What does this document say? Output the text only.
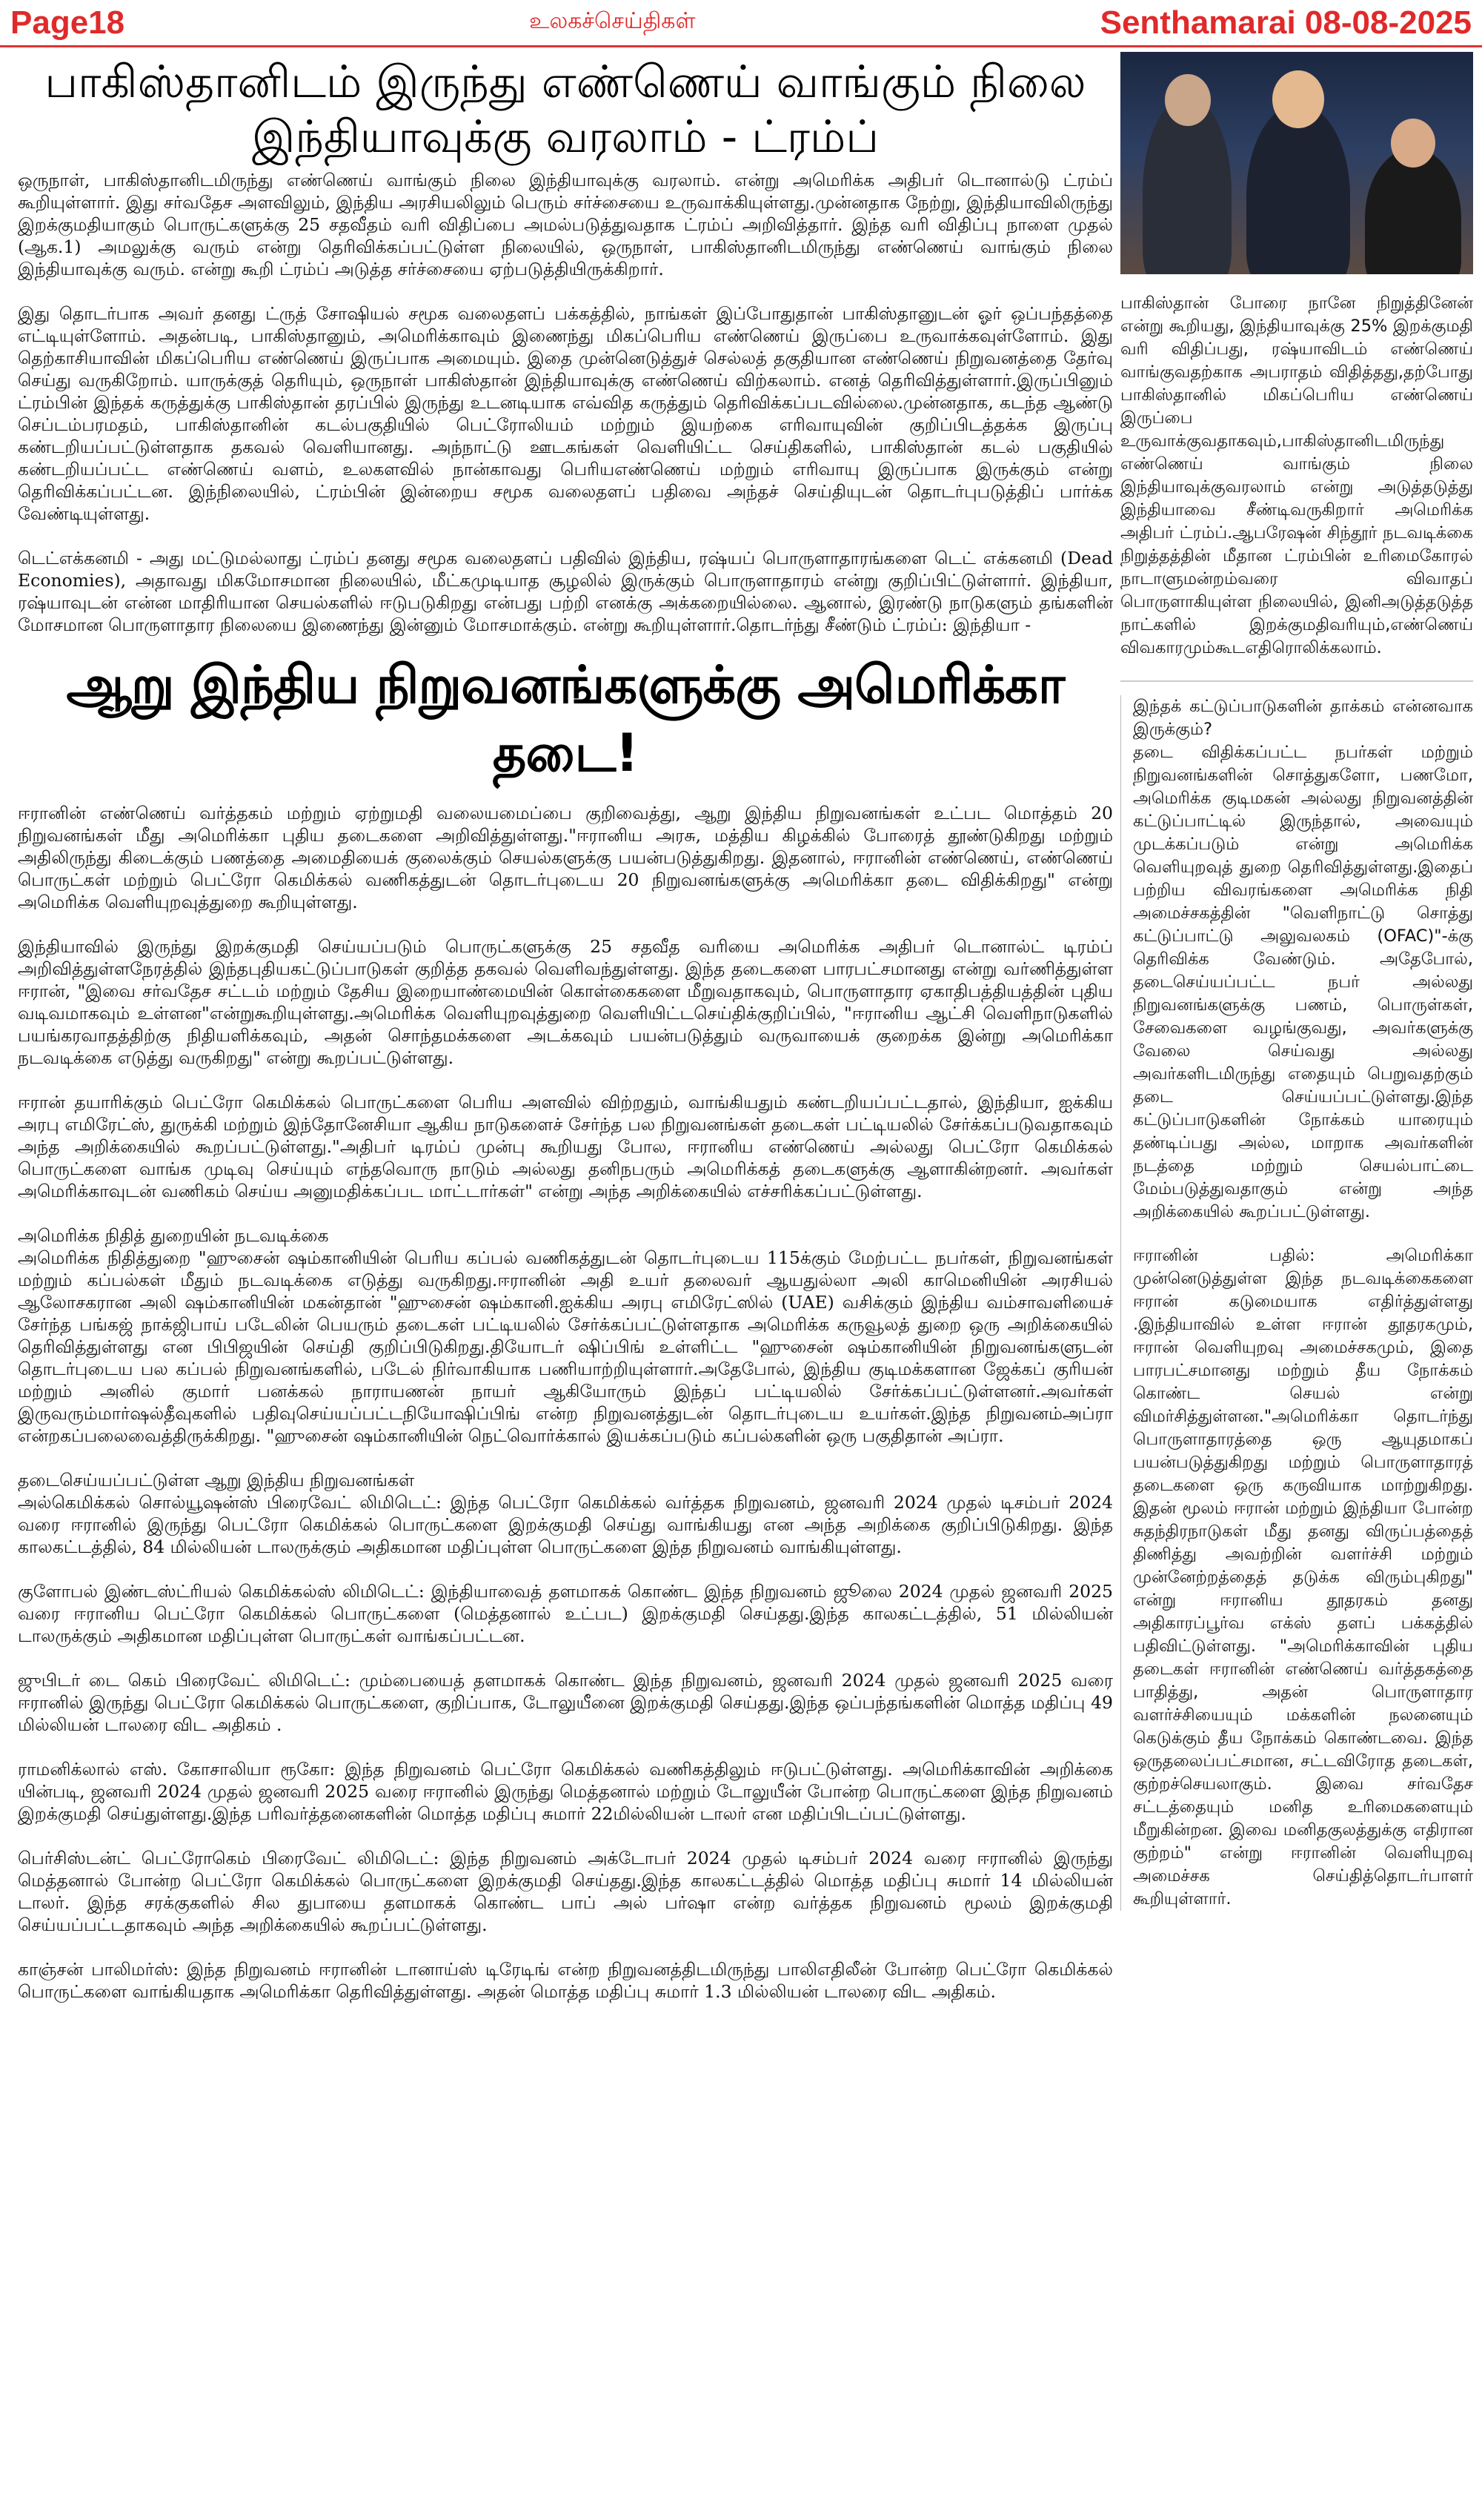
Page18	உலகச்செய்திகள்	Senthamarai 08-08-2025
பாகிஸ்தானிடம் இருந்து எண்ணெய் வாங்கும் நிலை இந்தியாவுக்கு வரலாம் - ட்ரம்ப்
ஒருநாள், பாகிஸ்தானிடமிருந்து எண்ணெய் வாங்கும் நிலை இந்தியாவுக்கு வரலாம். என்று அமெரிக்க அதிபர் டொனால்டு ட்ரம்ப் கூறியுள்ளார். இது சர்வதேச அளவிலும், இந்திய அரசியலிலும் பெரும் சர்ச்சையை உருவாக்கியுள்ளது.முன்னதாக நேற்று, இந்தியாவிலிருந்து இறக்குமதியாகும் பொருட்களுக்கு 25 சதவீதம் வரி விதிப்பை அமல்படுத்துவதாக ட்ரம்ப் அறிவித்தார். இந்த வரி விதிப்பு நாளை முதல் (ஆக.1) அமலுக்கு வரும் என்று தெரிவிக்கப்பட்டுள்ள நிலையில், ஒருநாள், பாகிஸ்தானிடமிருந்து எண்ணெய் வாங்கும் நிலை இந்தியாவுக்கு வரும். என்று கூறி ட்ரம்ப் அடுத்த சர்ச்சையை ஏற்படுத்தியிருக்கிறார்.
இது தொடர்பாக அவர் தனது ட்ருத் சோஷியல் சமூக வலைதளப் பக்கத்தில், நாங்கள் இப்போதுதான் பாகிஸ்தானுடன் ஓர் ஒப்பந்தத்தை எட்டியுள்ளோம். அதன்படி, பாகிஸ்தானும், அமெரிக்காவும் இணைந்து மிகப்பெரிய எண்ணெய் இருப்பை உருவாக்கவுள்ளோம். இது தெற்காசியாவின் மிகப்பெரிய எண்ணெய் இருப்பாக அமையும். இதை முன்னெடுத்துச் செல்லத் தகுதியான எண்ணெய் நிறுவனத்தை தேர்வு செய்து வருகிறோம். யாருக்குத் தெரியும், ஒருநாள் பாகிஸ்தான் இந்தியாவுக்கு எண்ணெய் விற்கலாம். எனத் தெரிவித்துள்ளார்.இருப்பினும் ட்ரம்பின் இந்தக் கருத்துக்கு பாகிஸ்தான் தரப்பில் இருந்து உடனடியாக எவ்வித கருத்தும் தெரிவிக்கப்படவில்லை.முன்னதாக, கடந்த ஆண்டு செப்டம்பரமதம், பாகிஸ்தானின் கடல்பகுதியில் பெட்ரோலியம் மற்றும் இயற்கை எரிவாயுவின் குறிப்பிடத்தக்க இருப்பு கண்டறியப்பட்டுள்ளதாக தகவல் வெளியானது. அந்நாட்டு ஊடகங்கள் வெளியிட்ட செய்திகளில், பாகிஸ்தான் கடல் பகுதியில் கண்டறியப்பட்ட எண்ணெய் வளம், உலகளவில் நான்காவது பெரியஎண்ணெய் மற்றும் எரிவாயு இருப்பாக இருக்கும் என்று தெரிவிக்கப்பட்டன. இந்நிலையில், ட்ரம்பின் இன்றைய சமூக வலைதளப் பதிவை அந்தச் செய்தியுடன் தொடர்புபடுத்திப் பார்க்க வேண்டியுள்ளது.
டெட்எக்கனமி - அது மட்டுமல்லாது ட்ரம்ப் தனது சமூக வலைதளப் பதிவில் இந்திய, ரஷ்யப் பொருளாதாரங்களை டெட் எக்கனமி (Dead Economies), அதாவது மிகமோசமான நிலையில், மீட்கமுடியாத சூழலில் இருக்கும் பொருளாதாரம் என்று குறிப்பிட்டுள்ளார். இந்தியா, ரஷ்யாவுடன் என்ன மாதிரியான செயல்களில் ஈடுபடுகிறது என்பது பற்றி எனக்கு அக்கறையில்லை. ஆனால், இரண்டு நாடுகளும் தங்களின் மோசமான பொருளாதார நிலையை இணைந்து இன்னும் மோசமாக்கும். என்று கூறியுள்ளார்.தொடர்ந்து சீண்டும் ட்ரம்ப்: இந்தியா -
ஆறு இந்திய நிறுவனங்களுக்கு அமெரிக்கா தடை!
ஈரானின் எண்ணெய் வர்த்தகம் மற்றும் ஏற்றுமதி வலையமைப்பை குறிவைத்து, ஆறு இந்திய நிறுவனங்கள் உட்பட மொத்தம் 20 நிறுவனங்கள் மீது அமெரிக்கா புதிய தடைகளை அறிவித்துள்ளது."ஈரானிய அரசு, மத்திய கிழக்கில் போரைத் தூண்டுகிறது மற்றும் அதிலிருந்து கிடைக்கும் பணத்தை அமைதியைக் குலைக்கும் செயல்களுக்கு பயன்படுத்துகிறது. இதனால், ஈரானின் எண்ணெய், எண்ணெய் பொருட்கள் மற்றும் பெட்ரோ கெமிக்கல் வணிகத்துடன் தொடர்புடைய 20 நிறுவனங்களுக்கு அமெரிக்கா தடை விதிக்கிறது" என்று அமெரிக்க வெளியுறவுத்துறை கூறியுள்ளது.
இந்தியாவில் இருந்து இறக்குமதி செய்யப்படும் பொருட்களுக்கு 25 சதவீத வரியை அமெரிக்க அதிபர் டொனால்ட் டிரம்ப் அறிவித்துள்ளநேரத்தில் இந்தபுதியகட்டுப்பாடுகள் குறித்த தகவல் வெளிவந்துள்ளது. இந்த தடைகளை பாரபட்சமானது என்று வர்ணித்துள்ள ஈரான், "இவை சர்வதேச சட்டம் மற்றும் தேசிய இறையாண்மையின் கொள்கைகளை மீறுவதாகவும், பொருளாதார ஏகாதிபத்தியத்தின் புதிய வடிவமாகவும் உள்ளன"என்றுகூறியுள்ளது.அமெரிக்க வெளியுறவுத்துறை வெளியிட்டசெய்திக்குறிப்பில், "ஈரானிய ஆட்சி வெளிநாடுகளில் பயங்கரவாதத்திற்கு நிதியளிக்கவும், அதன் சொந்தமக்களை அடக்கவும் பயன்படுத்தும் வருவாயைக் குறைக்க இன்று அமெரிக்கா நடவடிக்கை எடுத்து வருகிறது" என்று கூறப்பட்டுள்ளது.
ஈரான் தயாரிக்கும் பெட்ரோ கெமிக்கல் பொருட்களை பெரிய அளவில் விற்றதும், வாங்கியதும் கண்டறியப்பட்டதால், இந்தியா, ஐக்கிய அரபு எமிரேட்ஸ், துருக்கி மற்றும் இந்தோனேசியா ஆகிய நாடுகளைச் சேர்ந்த பல நிறுவனங்கள் தடைகள் பட்டியலில் சேர்க்கப்படுவதாகவும் அந்த அறிக்கையில் கூறப்பட்டுள்ளது."அதிபர் டிரம்ப் முன்பு கூறியது போல, ஈரானிய எண்ணெய் அல்லது பெட்ரோ கெமிக்கல் பொருட்களை வாங்க முடிவு செய்யும் எந்தவொரு நாடும் அல்லது தனிநபரும் அமெரிக்கத் தடைகளுக்கு ஆளாகின்றனர். அவர்கள் அமெரிக்காவுடன் வணிகம் செய்ய அனுமதிக்கப்பட மாட்டார்கள்" என்று அந்த அறிக்கையில் எச்சரிக்கப்பட்டுள்ளது.
அமெரிக்க நிதித் துறையின் நடவடிக்கை
அமெரிக்க நிதித்துறை "ஹுசைன் ஷம்கானியின் பெரிய கப்பல் வணிகத்துடன் தொடர்புடைய 115க்கும் மேற்பட்ட நபர்கள், நிறுவனங்கள் மற்றும் கப்பல்கள் மீதும் நடவடிக்கை எடுத்து வருகிறது.ஈரானின் அதி உயர் தலைவர் ஆயதுல்லா அலி காமெனியின் அரசியல் ஆலோசகரான அலி ஷம்கானியின் மகன்தான் "ஹுசைன் ஷம்கானி.ஐக்கிய அரபு எமிரேட்ஸில் (UAE) வசிக்கும் இந்திய வம்சாவளியைச் சேர்ந்த பங்கஜ் நாக்ஜிபாய் படேலின் பெயரும் தடைகள் பட்டியலில் சேர்க்கப்பட்டுள்ளதாக அமெரிக்க கருவூலத் துறை ஒரு அறிக்கையில் தெரிவித்துள்ளது என பிபிஜயின் செய்தி குறிப்பிடுகிறது.தியோடர் ஷிப்பிங் உள்ளிட்ட "ஹுசைன் ஷம்கானியின் நிறுவனங்களுடன் தொடர்புடைய பல கப்பல் நிறுவனங்களில், படேல் நிர்வாகியாக பணியாற்றியுள்ளார்.அதேபோல், இந்திய குடிமக்களான ஜேக்கப் குரியன் மற்றும் அனில் குமார் பனக்கல் நாராயணன் நாயர் ஆகியோரும் இந்தப் பட்டியலில் சேர்க்கப்பட்டுள்ளனர்.அவர்கள் இருவரும்மார்ஷல்தீவுகளில் பதிவுசெய்யப்பட்டநியோஷிப்பிங் என்ற நிறுவனத்துடன் தொடர்புடைய உயர்கள்.இந்த நிறுவனம்அப்ரா என்றகப்பலைவைத்திருக்கிறது. "ஹுசைன் ஷம்கானியின் நெட்வொர்க்கால் இயக்கப்படும் கப்பல்களின் ஒரு பகுதிதான் அப்ரா.
தடைசெய்யப்பட்டுள்ள ஆறு இந்திய நிறுவனங்கள்
அல்கெமிக்கல் சொல்யூஷன்ஸ் பிரைவேட் லிமிடெட்: இந்த பெட்ரோ கெமிக்கல் வர்த்தக நிறுவனம், ஜனவரி 2024 முதல் டிசம்பர் 2024 வரை ஈரானில் இருந்து பெட்ரோ கெமிக்கல் பொருட்களை இறக்குமதி செய்து வாங்கியது என அந்த அறிக்கை குறிப்பிடுகிறது. இந்த காலகட்டத்தில், 84 மில்லியன் டாலருக்கும் அதிகமான மதிப்புள்ள பொருட்களை இந்த நிறுவனம் வாங்கியுள்ளது.
குளோபல் இண்டஸ்ட்ரியல் கெமிக்கல்ஸ் லிமிடெட்: இந்தியாவைத் தளமாகக் கொண்ட இந்த நிறுவனம் ஜூலை 2024 முதல் ஜனவரி 2025 வரை ஈரானிய பெட்ரோ கெமிக்கல் பொருட்களை (மெத்தனால் உட்பட) இறக்குமதி செய்தது.இந்த காலகட்டத்தில், 51 மில்லியன் டாலருக்கும் அதிகமான மதிப்புள்ள பொருட்கள் வாங்கப்பட்டன.
ஜுபிடர் டை கெம் பிரைவேட் லிமிடெட்: மும்பையைத் தளமாகக் கொண்ட இந்த நிறுவனம், ஜனவரி 2024 முதல் ஜனவரி 2025 வரை ஈரானில் இருந்து பெட்ரோ கெமிக்கல் பொருட்களை, குறிப்பாக, டோலுயீனை இறக்குமதி செய்தது.இந்த ஒப்பந்தங்களின் மொத்த மதிப்பு 49 மில்லியன் டாலரை விட அதிகம் .
ராமனிக்லால் எஸ். கோசாலியா ரூகோ: இந்த நிறுவனம் பெட்ரோ கெமிக்கல் வணிகத்திலும் ஈடுபட்டுள்ளது. அமெரிக்காவின் அறிக்கை யின்படி, ஜனவரி 2024 முதல் ஜனவரி 2025 வரை ஈரானில் இருந்து மெத்தனால் மற்றும் டோலுயீன் போன்ற பொருட்களை இந்த நிறுவனம் இறக்குமதி செய்துள்ளது.இந்த பரிவர்த்தனைகளின் மொத்த மதிப்பு சுமார் 22மில்லியன் டாலர் என மதிப்பிடப்பட்டுள்ளது.
பெர்சிஸ்டன்ட் பெட்ரோகெம் பிரைவேட் லிமிடெட்: இந்த நிறுவனம் அக்டோபர் 2024 முதல் டிசம்பர் 2024 வரை ஈரானில் இருந்து மெத்தனால் போன்ற பெட்ரோ கெமிக்கல் பொருட்களை இறக்குமதி செய்தது.இந்த காலகட்டத்தில் மொத்த மதிப்பு சுமார் 14 மில்லியன் டாலர். இந்த சரக்குகளில் சில துபாயை தளமாகக் கொண்ட பாப் அல் பர்ஷா என்ற வர்த்தக நிறுவனம் மூலம் இறக்குமதி செய்யப்பட்டதாகவும் அந்த அறிக்கையில் கூறப்பட்டுள்ளது.
காஞ்சன் பாலிமர்ஸ்: இந்த நிறுவனம் ஈரானின் டானாய்ஸ் டிரேடிங் என்ற நிறுவனத்திடமிருந்து பாலிஎதிலீன் போன்ற பெட்ரோ கெமிக்கல் பொருட்களை வாங்கியதாக அமெரிக்கா தெரிவித்துள்ளது. அதன் மொத்த மதிப்பு சுமார் 1.3 மில்லியன் டாலரை விட அதிகம்.
பாகிஸ்தான் போரை நானே நிறுத்தினேன் என்று கூறியது, இந்தியாவுக்கு 25% இறக்குமதி வரி விதிப்பது, ரஷ்யாவிடம் எண்ணெய் வாங்குவதற்காக அபராதம் விதித்தது,தற்போது பாகிஸ்தானில் மிகப்பெரிய எண்ணெய் இருப்பை உருவாக்குவதாகவும்,பாகிஸ்தானிடமிருந்து எண்ணெய் வாங்கும் நிலை இந்தியாவுக்குவரலாம் என்று அடுத்தடுத்து இந்தியாவை சீண்டிவருகிறார் அமெரிக்க அதிபர் ட்ரம்ப்.ஆபரேஷன் சிந்தூர் நடவடிக்கை நிறுத்தத்தின் மீதான ட்ரம்பின் உரிமைகோரல் நாடாளுமன்றம்வரை விவாதப் பொருளாகியுள்ள நிலையில், இனிஅடுத்தடுத்த நாட்களில் இறக்குமதிவரியும்,எண்ணெய் விவகாரமும்கூடஎதிரொலிக்கலாம்.
இந்தக் கட்டுப்பாடுகளின் தாக்கம் என்னவாக இருக்கும்?
தடை விதிக்கப்பட்ட நபர்கள் மற்றும் நிறுவனங்களின் சொத்துகளோ, பணமோ, அமெரிக்க குடிமகன் அல்லது நிறுவனத்தின் கட்டுப்பாட்டில் இருந்தால், அவையும் முடக்கப்படும் என்று அமெரிக்க வெளியுறவுத் துறை தெரிவித்துள்ளது.இதைப் பற்றிய விவரங்களை அமெரிக்க நிதி அமைச்சகத்தின் "வெளிநாட்டு சொத்து கட்டுப்பாட்டு அலுவலகம் (OFAC)"-க்கு தெரிவிக்க வேண்டும். அதேபோல், தடைசெய்யப்பட்ட நபர் அல்லது நிறுவனங்களுக்கு பணம், பொருள்கள், சேவைகளை வழங்குவது, அவர்களுக்கு வேலை செய்வது அல்லது அவர்களிடமிருந்து எதையும் பெறுவதற்கும் தடை செய்யப்பட்டுள்ளது.இந்த கட்டுப்பாடுகளின் நோக்கம் யாரையும் தண்டிப்பது அல்ல, மாறாக அவர்களின் நடத்தை மற்றும் செயல்பாட்டை மேம்படுத்துவதாகும் என்று அந்த அறிக்கையில் கூறப்பட்டுள்ளது.
ஈரானின் பதில்: அமெரிக்கா முன்னெடுத்துள்ள இந்த நடவடிக்கைகளை ஈரான் கடுமையாக எதிர்த்துள்ளது .இந்தியாவில் உள்ள ஈரான் தூதரகமும், ஈரான் வெளியுறவு அமைச்சகமும், இதை பாரபட்சமானது மற்றும் தீய நோக்கம் கொண்ட செயல் என்று விமர்சித்துள்ளன."அமெரிக்கா தொடர்ந்து பொருளாதாரத்தை ஒரு ஆயுதமாகப் பயன்படுத்துகிறது மற்றும் பொருளாதாரத் தடைகளை ஒரு கருவியாக மாற்றுகிறது. இதன் மூலம் ஈரான் மற்றும் இந்தியா போன்ற சுதந்திரநாடுகள் மீது தனது விருப்பத்தைத் திணித்து அவற்றின் வளர்ச்சி மற்றும் முன்னேற்றத்தைத் தடுக்க விரும்புகிறது" என்று ஈரானிய தூதரகம் தனது அதிகாரப்பூர்வ எக்ஸ் தளப் பக்கத்தில் பதிவிட்டுள்ளது. "அமெரிக்காவின் புதிய தடைகள் ஈரானின் எண்ணெய் வர்த்தகத்தை பாதித்து, அதன் பொருளாதார வளர்ச்சியையும் மக்களின் நலனையும் கெடுக்கும் தீய நோக்கம் கொண்டவை. இந்த ஒருதலைப்பட்சமான, சட்டவிரோத தடைகள், குற்றச்செயலாகும். இவை சர்வதேச சட்டத்தையும் மனித உரிமைகளையும் மீறுகின்றன. இவை மனிதகுலத்துக்கு எதிரான குற்றம்" என்று ஈரானின் வெளியுறவு அமைச்சக செய்தித்தொடர்பாளர் கூறியுள்ளார்.
